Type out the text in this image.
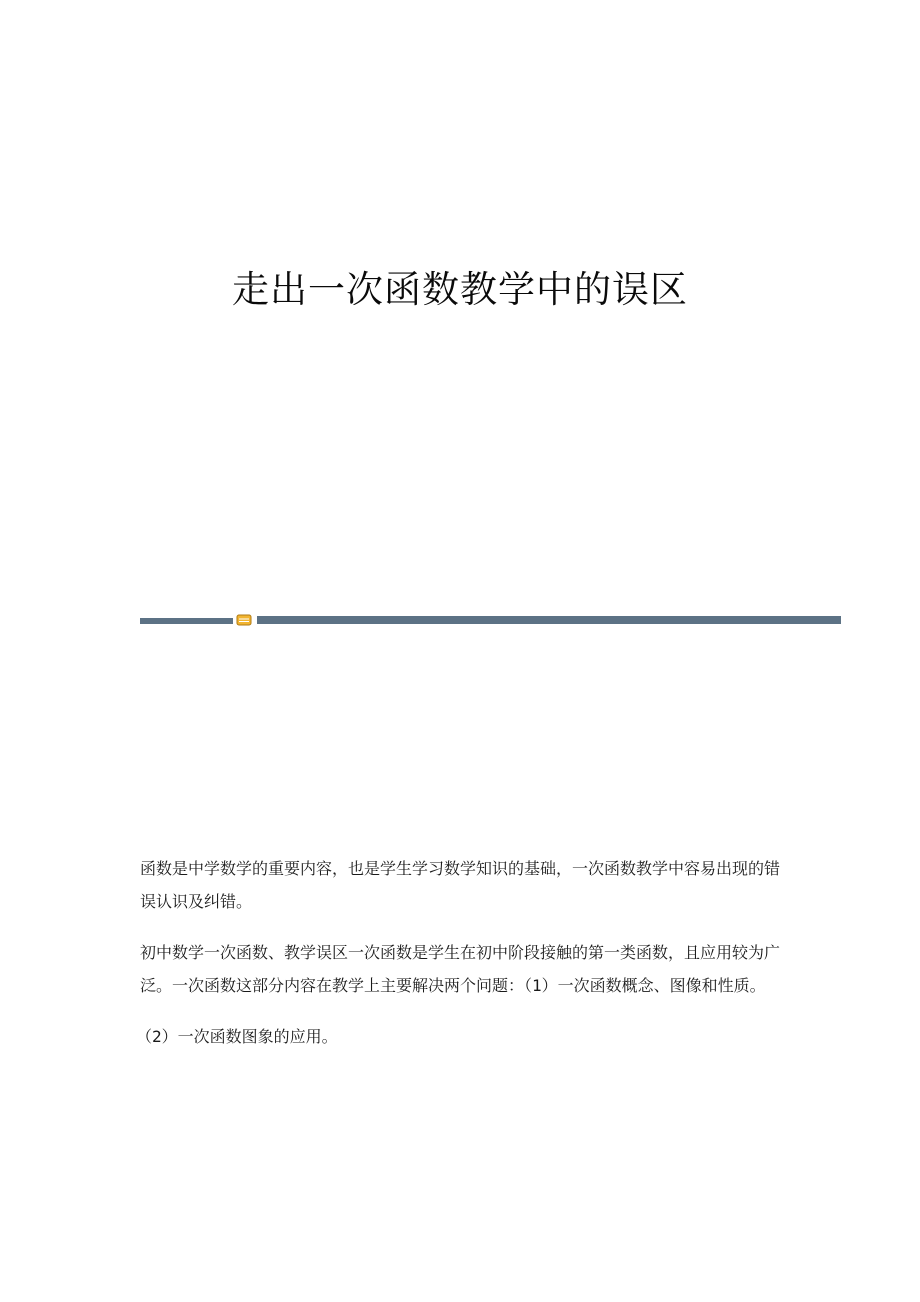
走出一次函数教学中的误区

函数是中学数学的重要内容，也是学生学习数学知识的基础，一次函数教学中容易出现的错误认识及纠错。

初中数学一次函数、教学误区一次函数是学生在初中阶段接触的第一类函数，且应用较为广泛。一次函数这部分内容在教学上主要解决两个问题：（1）一次函数概念、图像和性质。

（2）一次函数图象的应用。
